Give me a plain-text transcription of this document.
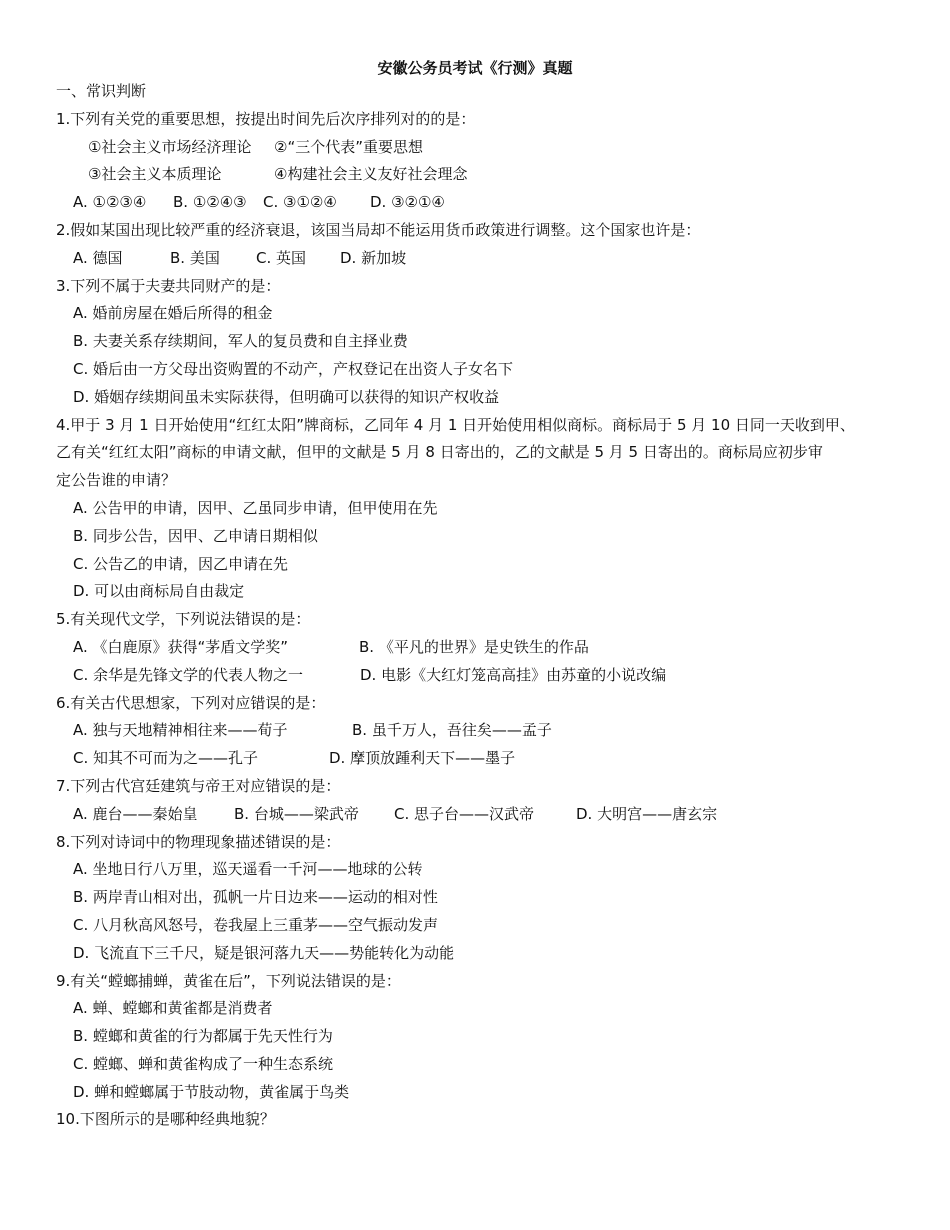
安徽公务员考试《行测》真题
一、常识判断
1.下列有关党的重要思想，按提出时间先后次序排列对的的是：
①社会主义市场经济理论 ②“三个代表”重要思想
③社会主义本质理论	④构建社会主义友好社会理念
A. ①②③④ B. ①②④③ C. ③①②④ D. ③②①④
2.假如某国出现比较严重的经济衰退，该国当局却不能运用货币政策进行调整。这个国家也许是：
A. 德国	B. 美国 C. 英国 D. 新加坡
3.下列不属于夫妻共同财产的是：
A. 婚前房屋在婚后所得的租金
B. 夫妻关系存续期间，军人的复员费和自主择业费
C. 婚后由一方父母出资购置的不动产，产权登记在出资人子女名下
D. 婚姻存续期间虽未实际获得，但明确可以获得的知识产权收益
4.甲于 3 月 1 日开始使用“红红太阳”牌商标，乙同年 4 月 1 日开始使用相似商标。商标局于 5 月 10 日同一天收到甲、
乙有关“红红太阳”商标的申请文献，但甲的文献是 5 月 8 日寄出的，乙的文献是 5 月 5 日寄出的。商标局应初步审
定公告谁的申请？
A. 公告甲的申请，因甲、乙虽同步申请，但甲使用在先
B. 同步公告，因甲、乙申请日期相似
C. 公告乙的申请，因乙申请在先
D. 可以由商标局自由裁定
5.有关现代文学，下列说法错误的是：
A. 《白鹿原》获得“茅盾文学奖”	B. 《平凡的世界》是史铁生的作品
C. 余华是先锋文学的代表人物之一	D. 电影《大红灯笼高高挂》由苏童的小说改编
6.有关古代思想家，下列对应错误的是：
A. 独与天地精神相往来——荀子	B. 虽千万人，吾往矣——孟子
C. 知其不可而为之——孔子	D. 摩顶放踵利天下——墨子
7.下列古代宫廷建筑与帝王对应错误的是：
A. 鹿台——秦始皇 B. 台城——梁武帝 C. 思子台——汉武帝	D. 大明宫——唐玄宗
8.下列对诗词中的物理现象描述错误的是：
A. 坐地日行八万里，巡天遥看一千河——地球的公转
B. 两岸青山相对出，孤帆一片日边来——运动的相对性
C. 八月秋高风怒号，卷我屋上三重茅——空气振动发声
D. 飞流直下三千尺，疑是银河落九天——势能转化为动能
9.有关“螳螂捕蝉，黄雀在后”，下列说法错误的是：
A. 蝉、螳螂和黄雀都是消费者
B. 螳螂和黄雀的行为都属于先天性行为
C. 螳螂、蝉和黄雀构成了一种生态系统
D. 蝉和螳螂属于节肢动物，黄雀属于鸟类
10.下图所示的是哪种经典地貌？
